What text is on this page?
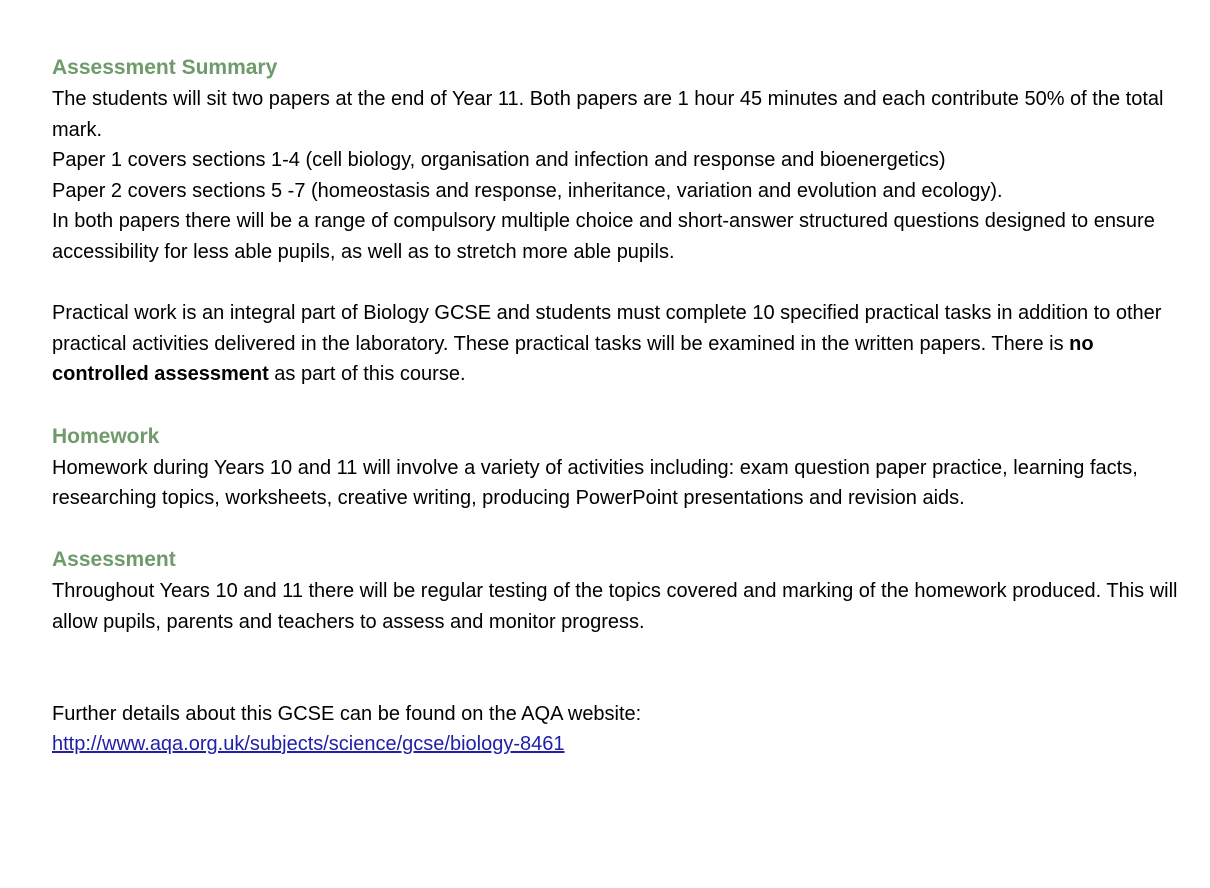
Assessment Summary

The students will sit two papers at the end of Year 11. Both papers are 1 hour 45 minutes and each contribute 50% of the total mark.

Paper 1 covers sections 1-4 (cell biology, organisation and infection and response and bioenergetics)

Paper 2 covers sections 5 -7 (homeostasis and response, inheritance, variation and evolution and ecology).

In both papers there will be a range of compulsory multiple choice and short-answer structured questions designed to ensure accessibility for less able pupils, as well as to stretch more able pupils.

Practical work is an integral part of Biology GCSE and students must complete 10 specified practical tasks in addition to other practical activities delivered in the laboratory. These practical tasks will be examined in the written papers. There is no controlled assessment as part of this course.

Homework

Homework during Years 10 and 11 will involve a variety of activities including: exam question paper practice, learning facts, researching topics, worksheets, creative writing, producing PowerPoint presentations and revision aids.

Assessment

Throughout Years 10 and 11 there will be regular testing of the topics covered and marking of the homework produced. This will allow pupils, parents and teachers to assess and monitor progress.

Further details about this GCSE can be found on the AQA website:

http://www.aqa.org.uk/subjects/science/gcse/biology-8461
